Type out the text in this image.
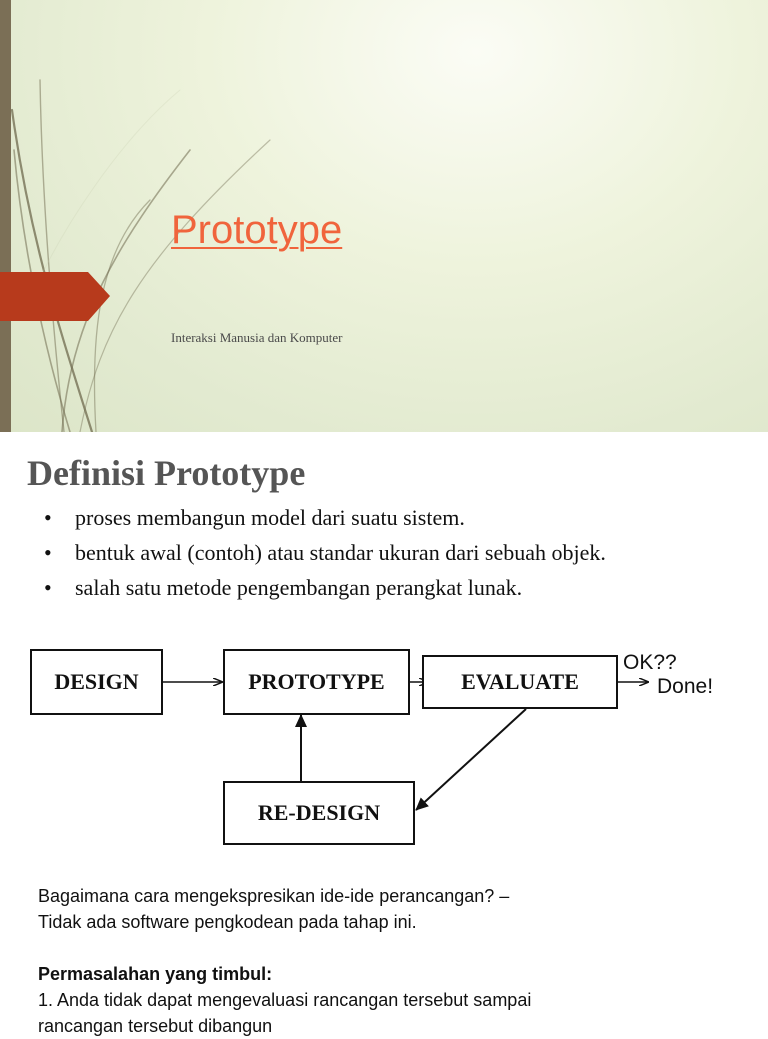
Prototype
Interaksi Manusia dan Komputer
Definisi Prototype
• proses membangun model dari suatu sistem.
• bentuk awal (contoh) atau standar ukuran dari sebuah objek.
• salah satu metode pengembangan perangkat lunak.
DESIGN	PROTOTYPE	EVALUATE
RE-DESIGN
OK??
Done!
Bagaimana cara mengekspresikan ide-ide perancangan? –
Tidak ada software pengkodean pada tahap ini.
Permasalahan yang timbul:
1. Anda tidak dapat mengevaluasi rancangan tersebut sampai
rancangan tersebut dibangun
